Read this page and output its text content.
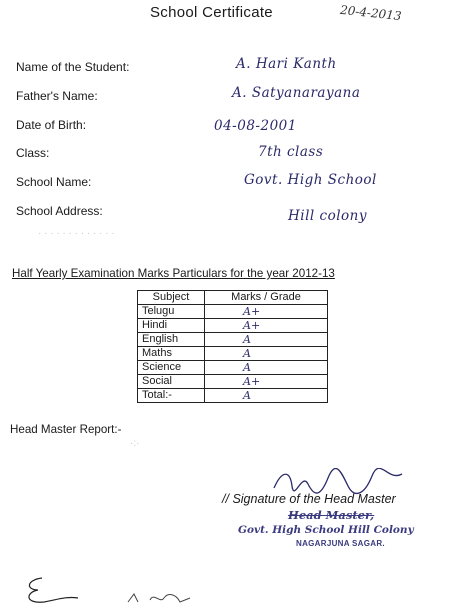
School Certificate	20-4-2013
Name of the Student:	A. Hari Kanth
Father's Name:	A. Satyanarayana
Date of Birth:	04-08-2001
Class:	7th class
School Name:	Govt. High School
School Address:	Hill colony
· · · · · · · · · · · · ·
Half Yearly Examination Marks Particulars for the year 2012-13
Subject	Marks / Grade
Telugu	A+
Hindi	A+
English	A
Maths	A
Science	A
Social	A+
Total:-	A
Head Master Report:-
·:·
// Signature of the Head Master
Head Master,
Govt. High School Hill Colony
NAGARJUNA SAGAR.
